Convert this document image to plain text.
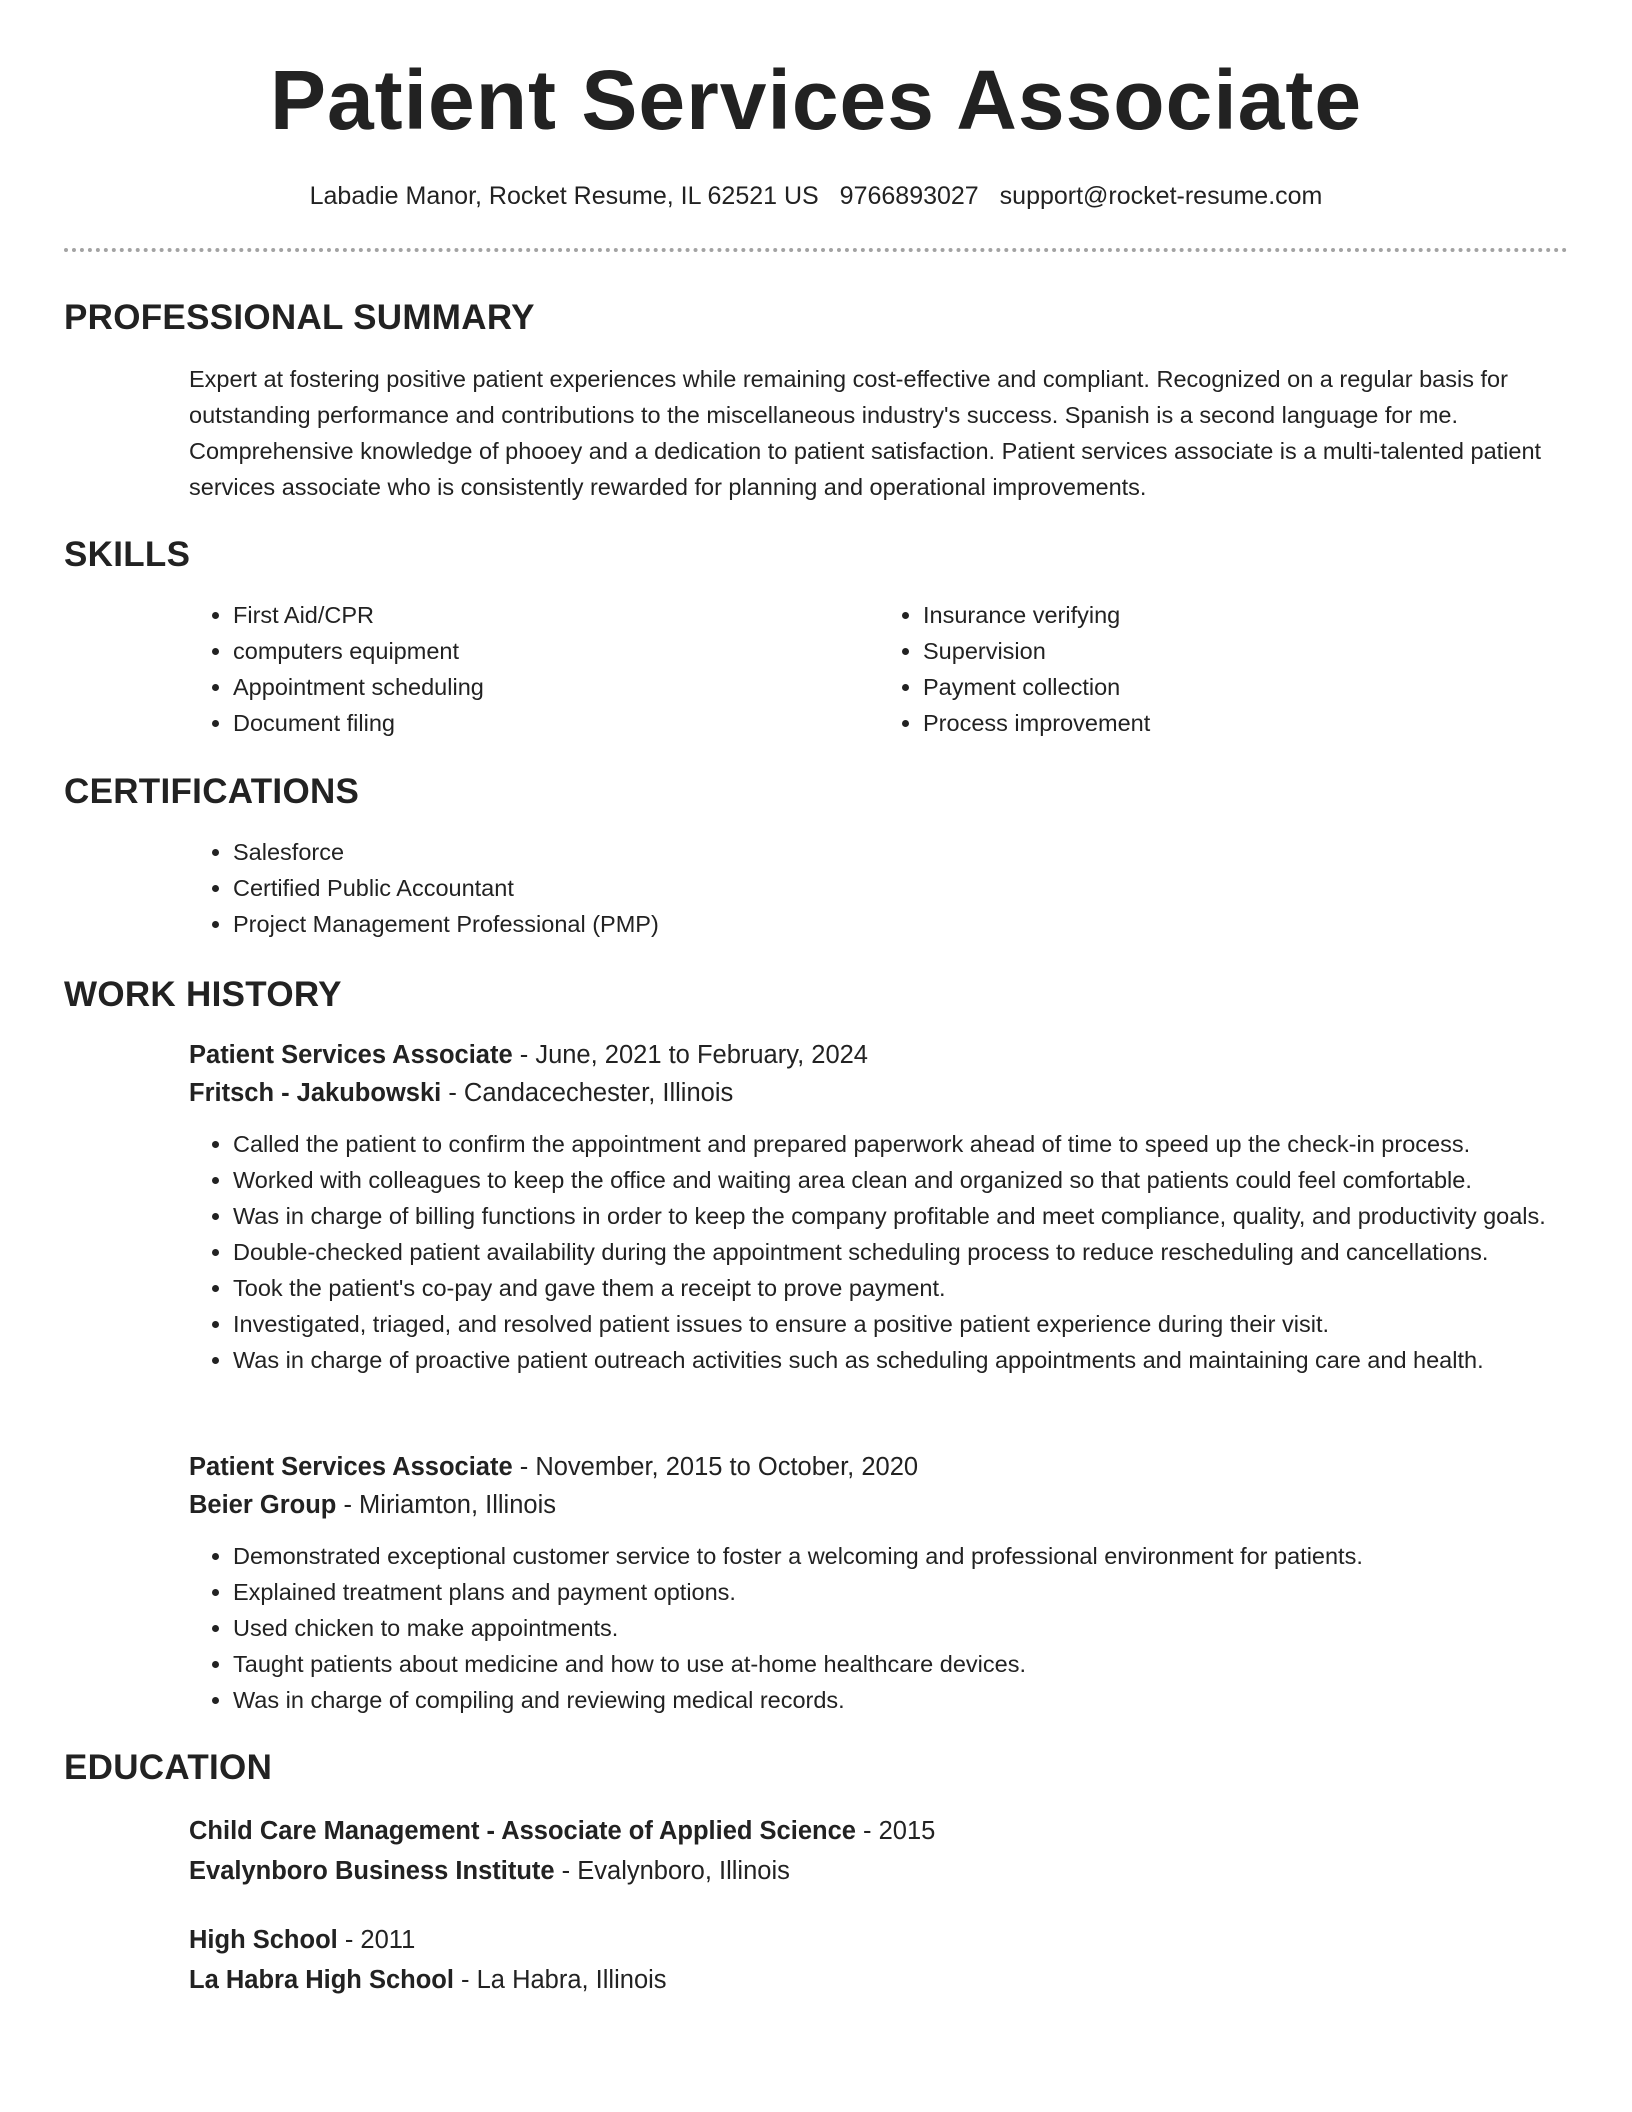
Patient Services Associate
Labadie Manor, Rocket Resume, IL 62521 US 9766893027 support@rocket-resume.com
PROFESSIONAL SUMMARY

Expert at fostering positive patient experiences while remaining cost-effective and compliant. Recognized on a regular basis for outstanding performance and contributions to the miscellaneous industry's success. Spanish is a second language for me. Comprehensive knowledge of phooey and a dedication to patient satisfaction. Patient services associate is a multi-talented patient services associate who is consistently rewarded for planning and operational improvements.

SKILLS
• First Aid/CPR
• computers equipment
• Appointment scheduling
• Document filing
• Insurance verifying
• Supervision
• Payment collection
• Process improvement
CERTIFICATIONS
• Salesforce
• Certified Public Accountant
• Project Management Professional (PMP)
WORK HISTORY
Patient Services Associate - June, 2021 to February, 2024
Fritsch - Jakubowski - Candacechester, Illinois
• Called the patient to confirm the appointment and prepared paperwork ahead of time to speed up the check-in process.
• Worked with colleagues to keep the office and waiting area clean and organized so that patients could feel comfortable.
• Was in charge of billing functions in order to keep the company profitable and meet compliance, quality, and productivity goals.
• Double-checked patient availability during the appointment scheduling process to reduce rescheduling and cancellations.
• Took the patient's co-pay and gave them a receipt to prove payment.
• Investigated, triaged, and resolved patient issues to ensure a positive patient experience during their visit.
• Was in charge of proactive patient outreach activities such as scheduling appointments and maintaining care and health.
Patient Services Associate - November, 2015 to October, 2020
Beier Group - Miriamton, Illinois
• Demonstrated exceptional customer service to foster a welcoming and professional environment for patients.
• Explained treatment plans and payment options.
• Used chicken to make appointments.
• Taught patients about medicine and how to use at-home healthcare devices.
• Was in charge of compiling and reviewing medical records.
EDUCATION
Child Care Management - Associate of Applied Science - 2015
Evalynboro Business Institute - Evalynboro, Illinois
High School - 2011
La Habra High School - La Habra, Illinois
